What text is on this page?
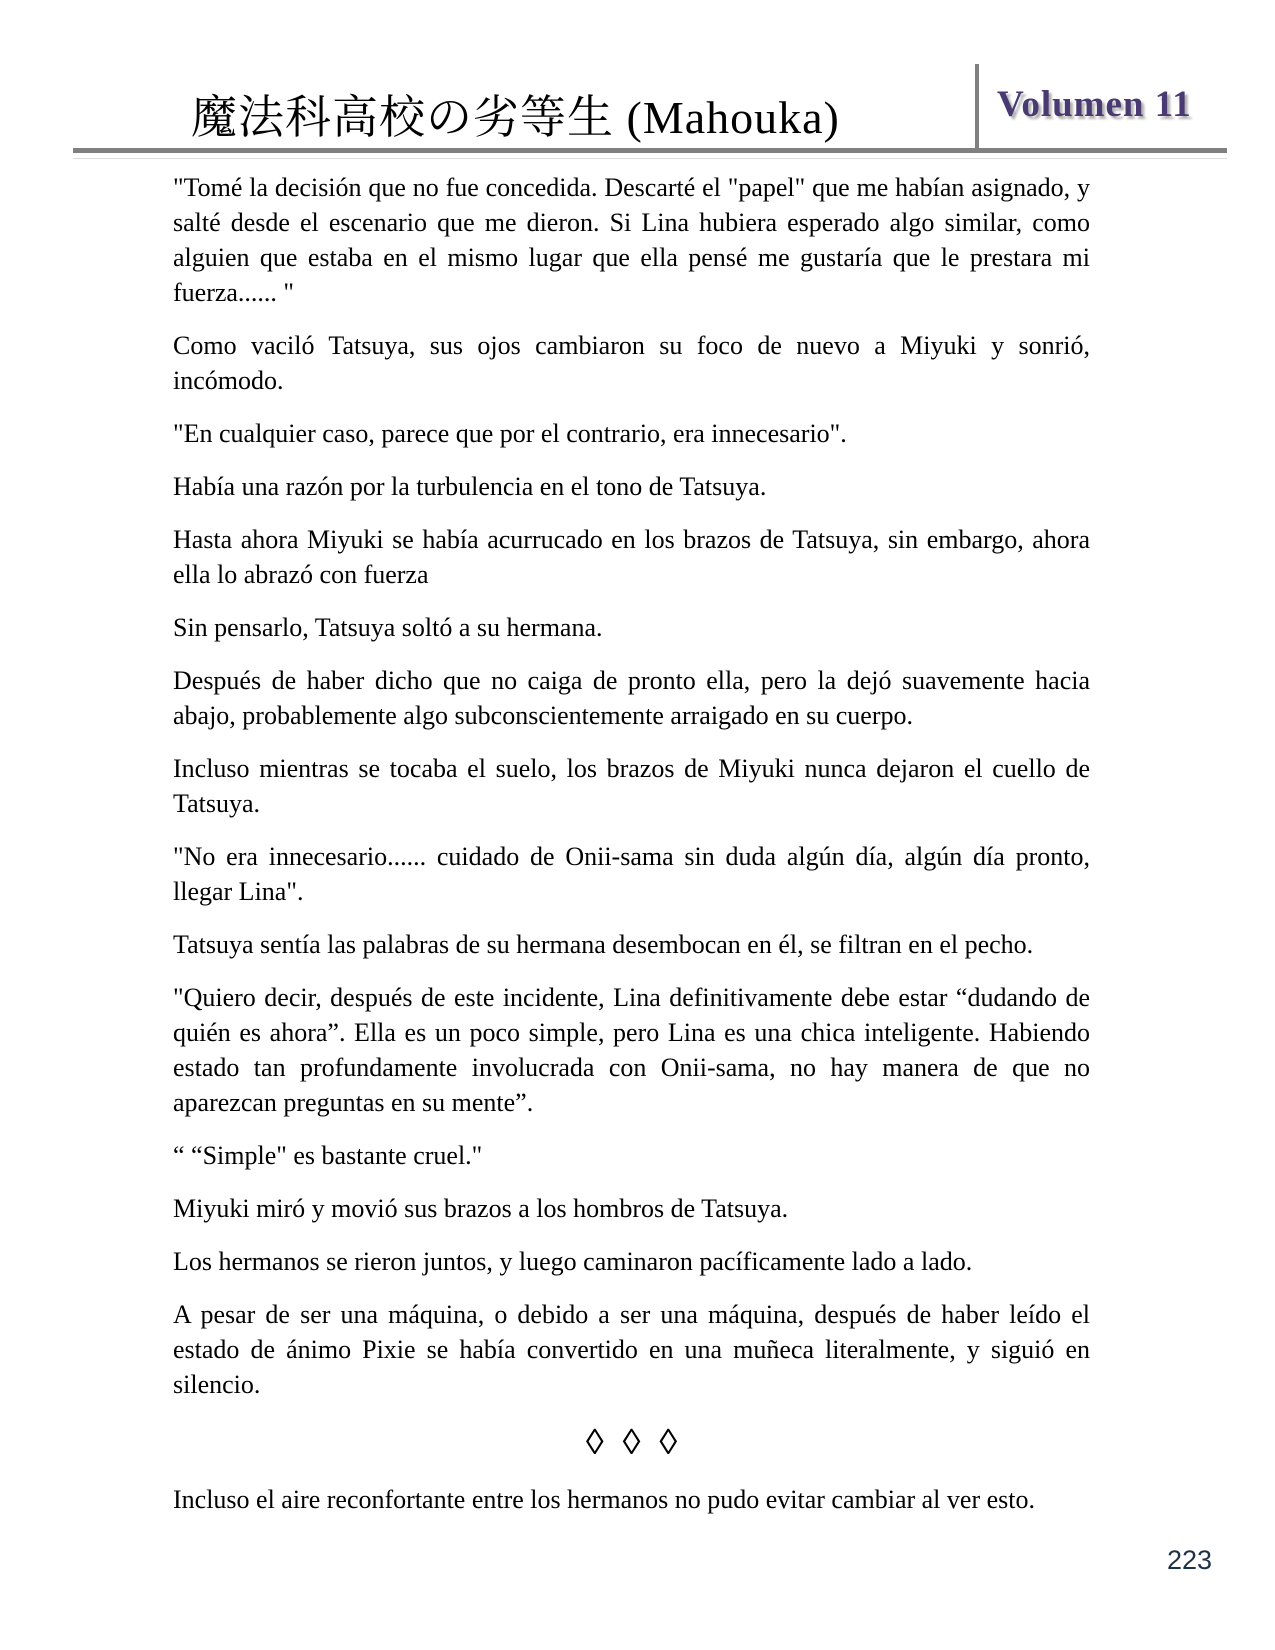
魔法科高校の劣等生 (Mahouka)	Volumen 11

"Tomé la decisión que no fue concedida. Descarté el "papel" que me habían asignado, y salté desde el escenario que me dieron. Si Lina hubiera esperado algo similar, como alguien que estaba en el mismo lugar que ella pensé me gustaría que le prestara mi fuerza...... "

Como vaciló Tatsuya, sus ojos cambiaron su foco de nuevo a Miyuki y sonrió, incómodo.

"En cualquier caso, parece que por el contrario, era innecesario".

Había una razón por la turbulencia en el tono de Tatsuya.

Hasta ahora Miyuki se había acurrucado en los brazos de Tatsuya, sin embargo, ahora ella lo abrazó con fuerza

Sin pensarlo, Tatsuya soltó a su hermana.

Después de haber dicho que no caiga de pronto ella, pero la dejó suavemente hacia abajo, probablemente algo subconscientemente arraigado en su cuerpo.

Incluso mientras se tocaba el suelo, los brazos de Miyuki nunca dejaron el cuello de Tatsuya.

"No era innecesario...... cuidado de Onii-sama sin duda algún día, algún día pronto, llegar Lina".

Tatsuya sentía las palabras de su hermana desembocan en él, se filtran en el pecho.

"Quiero decir, después de este incidente, Lina definitivamente debe estar “dudando de quién es ahora”. Ella es un poco simple, pero Lina es una chica inteligente. Habiendo estado tan profundamente involucrada con Onii-sama, no hay manera de que no aparezcan preguntas en su mente”.

“ “Simple" es bastante cruel."

Miyuki miró y movió sus brazos a los hombros de Tatsuya.

Los hermanos se rieron juntos, y luego caminaron pacíficamente lado a lado.

A pesar de ser una máquina, o debido a ser una máquina, después de haber leído el estado de ánimo Pixie se había convertido en una muñeca literalmente, y siguió en silencio.

◊ ◊ ◊

Incluso el aire reconfortante entre los hermanos no pudo evitar cambiar al ver esto.

223
